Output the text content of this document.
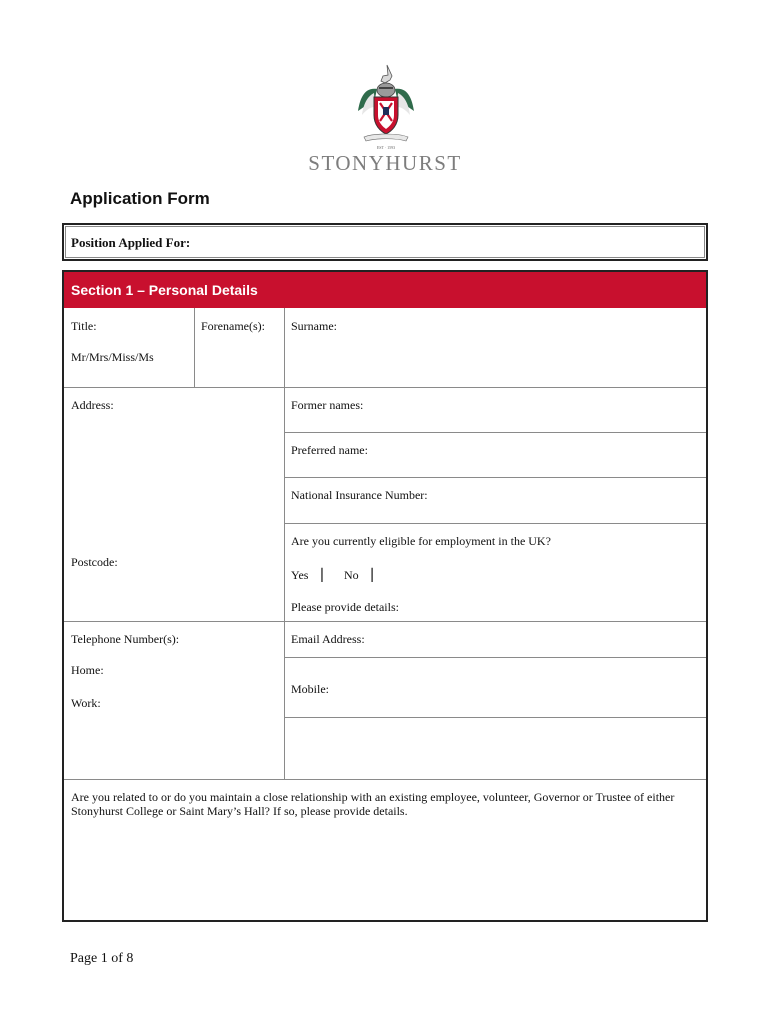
EST · 1593
STONYHURST
Application Form
Position Applied For:
Section 1 – Personal Details
Title:
Mr/Mrs/Miss/Ms
Forename(s): Surname:
Address:
Postcode:
Former names:
Preferred name:
National Insurance Number:
Are you currently eligible for employment in the UK?
Yes ▏ No ▏
Please provide details:
Telephone Number(s):
Home:
Work:
Email Address:
Mobile:
Are you related to or do you maintain a close relationship with an existing employee, volunteer, Governor or Trustee of either Stonyhurst College or Saint Mary’s Hall? If so, please provide details.
Page 1 of 8
